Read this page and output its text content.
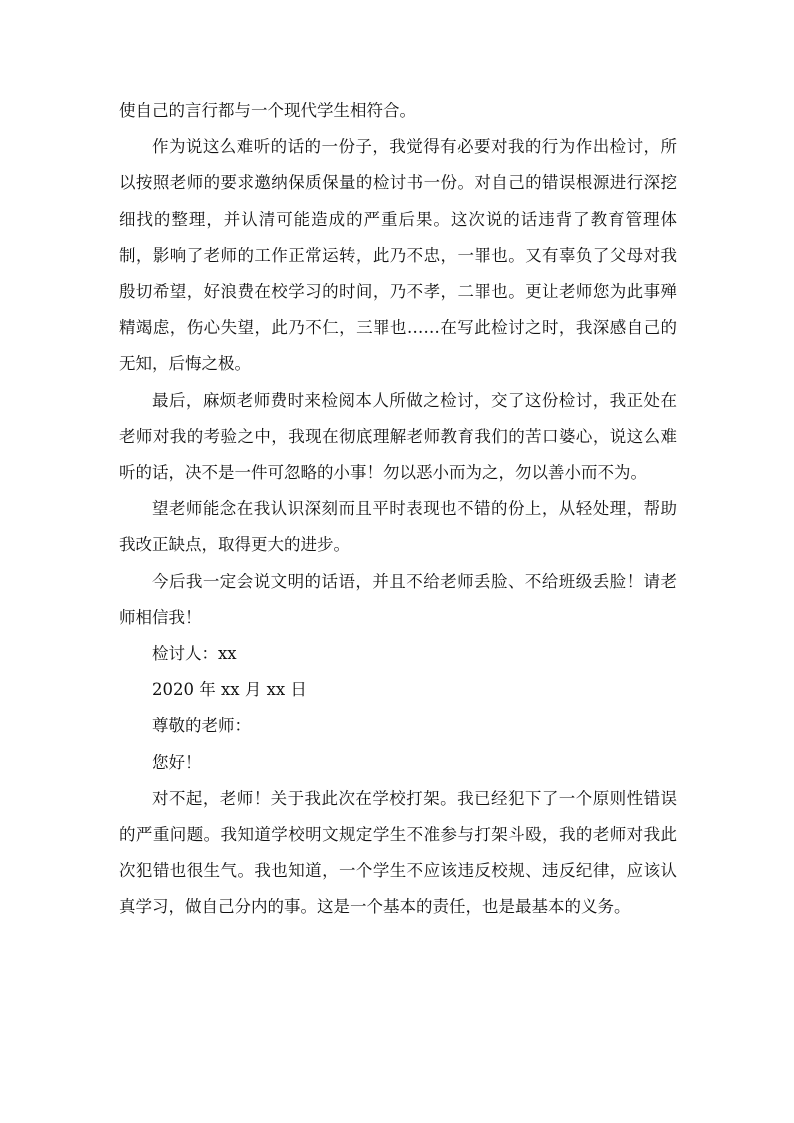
使自己的言行都与一个现代学生相符合。

作为说这么难听的话的一份子，我觉得有必要对我的行为作出检讨，所以按照老师的要求邀纳保质保量的检讨书一份。对自己的错误根源进行深挖细找的整理，并认清可能造成的严重后果。这次说的话违背了教育管理体制，影响了老师的工作正常运转，此乃不忠，一罪也。又有辜负了父母对我殷切希望，好浪费在校学习的时间，乃不孝，二罪也。更让老师您为此事殚精竭虑，伤心失望，此乃不仁，三罪也……在写此检讨之时，我深感自己的无知，后悔之极。

最后，麻烦老师费时来检阅本人所做之检讨，交了这份检讨，我正处在老师对我的考验之中，我现在彻底理解老师教育我们的苦口婆心，说这么难听的话，决不是一件可忽略的小事！勿以恶小而为之，勿以善小而不为。

望老师能念在我认识深刻而且平时表现也不错的份上，从轻处理，帮助我改正缺点，取得更大的进步。

今后我一定会说文明的话语，并且不给老师丢脸、不给班级丢脸！请老师相信我！

检讨人：xx

2020 年 xx 月 xx 日

尊敬的老师：

您好！

对不起，老师！关于我此次在学校打架。我已经犯下了一个原则性错误的严重问题。我知道学校明文规定学生不准参与打架斗殴，我的老师对我此次犯错也很生气。我也知道，一个学生不应该违反校规、违反纪律，应该认真学习，做自己分内的事。这是一个基本的责任，也是最基本的义务。
